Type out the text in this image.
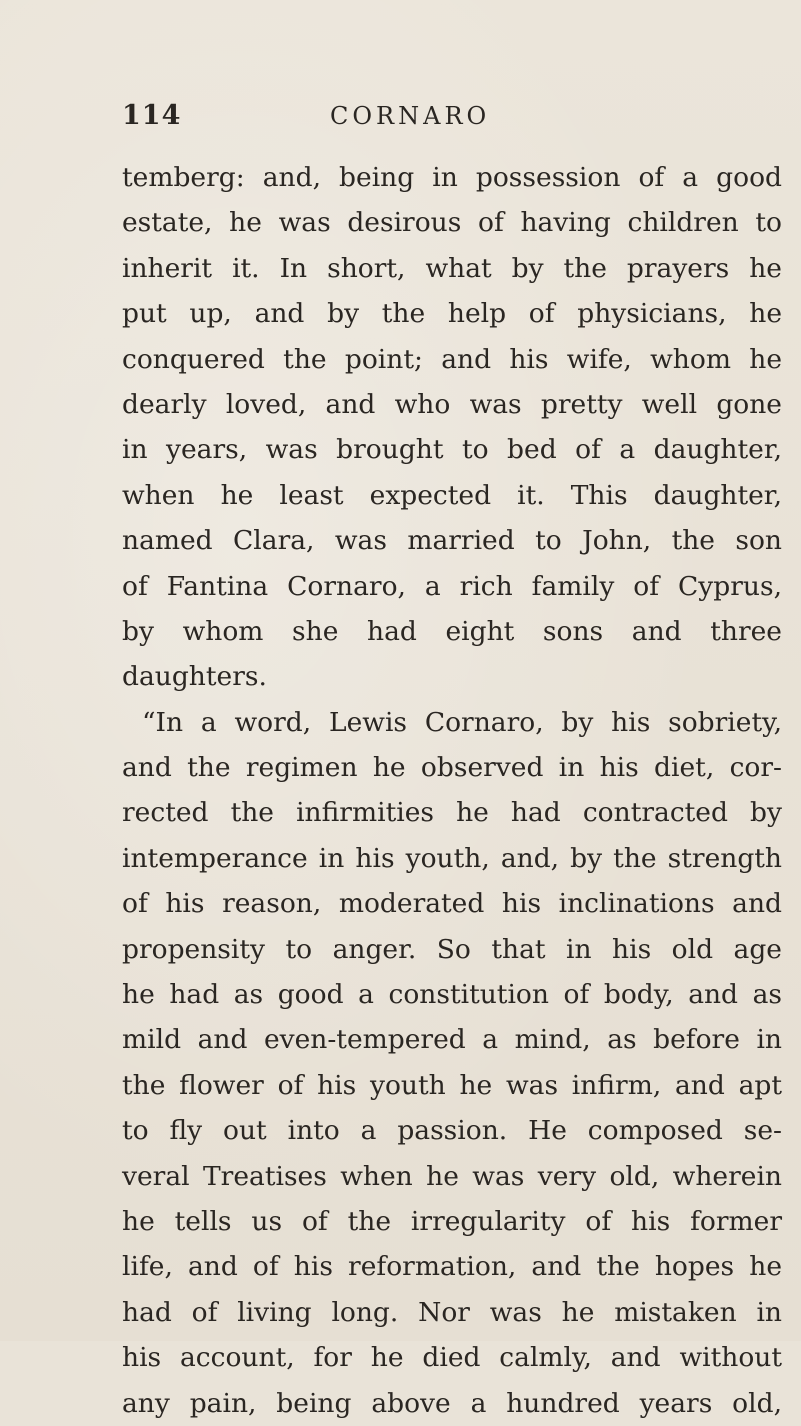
114	CORNARO
temberg: and, being in possession of a good
estate, he was desirous of having children to
inherit it. In short, what by the prayers he
put up, and by the help of physicians, he
conquered the point; and his wife, whom he
dearly loved, and who was pretty well gone
in years, was brought to bed of a daughter,
when he least expected it. This daughter,
named Clara, was married to John, the son
of Fantina Cornaro, a rich family of Cyprus,
by whom she had eight sons and three
daughters.
“In a word, Lewis Cornaro, by his sobriety,
and the regimen he observed in his diet, cor-
rected the infirmities he had contracted by
intemperance in his youth, and, by the strength
of his reason, moderated his inclinations and
propensity to anger. So that in his old age
he had as good a constitution of body, and as
mild and even-tempered a mind, as before in
the flower of his youth he was infirm, and apt
to fly out into a passion. He composed se-
veral Treatises when he was very old, wherein
he tells us of the irregularity of his former
life, and of his reformation, and the hopes he
had of living long. Nor was he mistaken in
his account, for he died calmly, and without
any pain, being above a hundred years old,
